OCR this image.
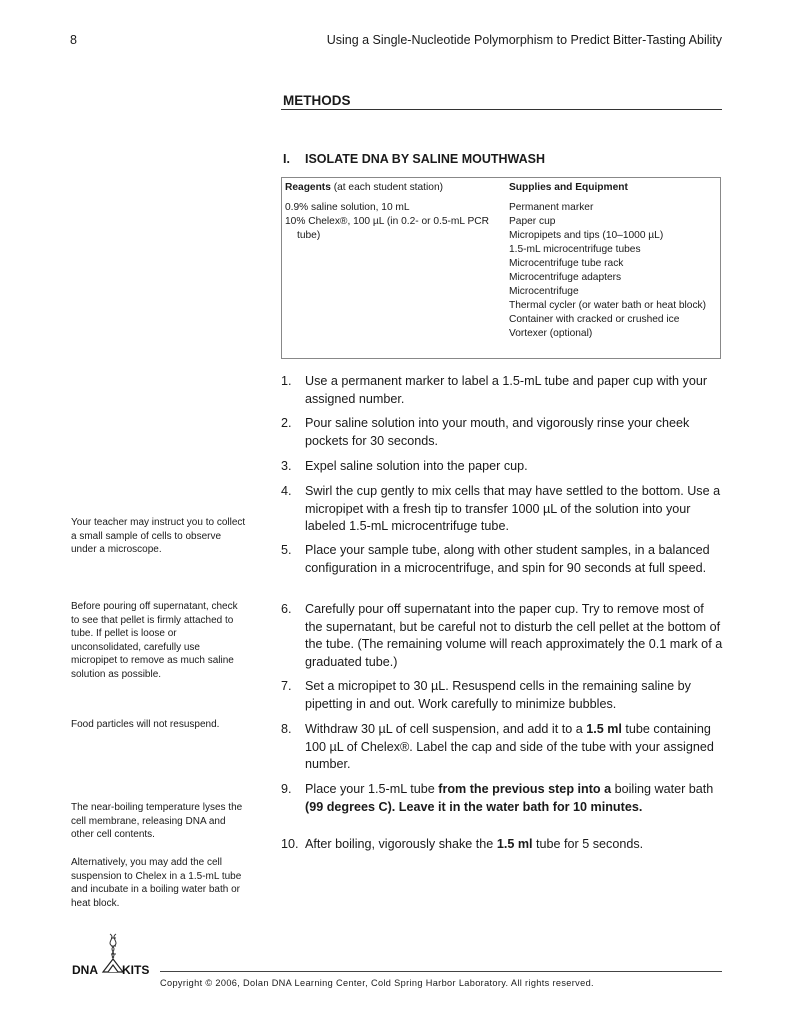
8	Using a Single-Nucleotide Polymorphism to Predict Bitter-Tasting Ability
METHODS
I. ISOLATE DNA BY SALINE MOUTHWASH
Reagents (at each student station)
0.9% saline solution, 10 mL
10% Chelex®, 100 µL (in 0.2- or 0.5-mL PCR tube)
Supplies and Equipment
Permanent marker
Paper cup
Micropipets and tips (10–1000 µL)
1.5-mL microcentrifuge tubes
Microcentrifuge tube rack
Microcentrifuge adapters
Microcentrifuge
Thermal cycler (or water bath or heat block)
Container with cracked or crushed ice
Vortexer (optional)
1.	Use a permanent marker to label a 1.5-mL tube and paper cup with your assigned number.
2.	Pour saline solution into your mouth, and vigorously rinse your cheek pockets for 30 seconds.
3.	Expel saline solution into the paper cup.
4.	Swirl the cup gently to mix cells that may have settled to the bottom. Use a micropipet with a fresh tip to transfer 1000 µL of the solution into your labeled 1.5-mL microcentrifuge tube.
5.	Place your sample tube, along with other student samples, in a balanced configuration in a microcentrifuge, and spin for 90 seconds at full speed.
6.	Carefully pour off supernatant into the paper cup. Try to remove most of the supernatant, but be careful not to disturb the cell pellet at the bottom of the tube. (The remaining volume will reach approximately the 0.1 mark of a graduated tube.)
7.	Set a micropipet to 30 µL. Resuspend cells in the remaining saline by pipetting in and out. Work carefully to minimize bubbles.
8.	Withdraw 30 µL of cell suspension, and add it to a 1.5 ml tube containing 100 µL of Chelex®. Label the cap and side of the tube with your assigned number.
9.	Place your 1.5-mL tube from the previous step into a boiling water bath (99 degrees C). Leave it in the water bath for 10 minutes.
10. After boiling, vigorously shake the 1.5 ml tube for 5 seconds.
Your teacher may instruct you to collect a small sample of cells to observe under a microscope.
Before pouring off supernatant, check to see that pellet is firmly attached to tube. If pellet is loose or unconsolidated, carefully use micropipet to remove as much saline solution as possible.
Food particles will not resuspend.
The near-boiling temperature lyses the cell membrane, releasing DNA and other cell contents.
Alternatively, you may add the cell suspension to Chelex in a 1.5-mL tube and incubate in a boiling water bath or heat block.
DNA KITS
Copyright © 2006, Dolan DNA Learning Center, Cold Spring Harbor Laboratory. All rights reserved.
